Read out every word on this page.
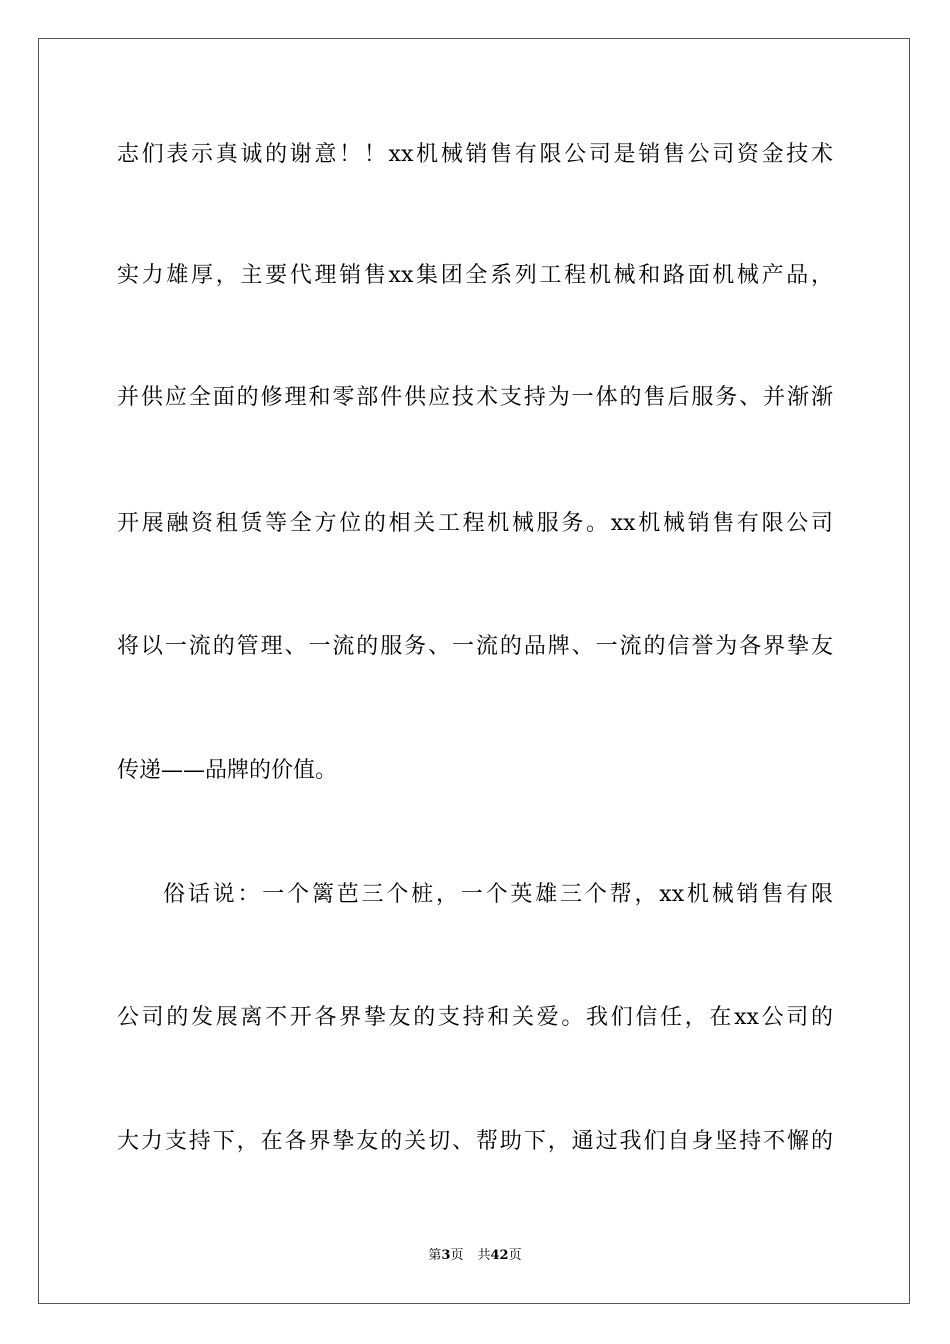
志们表示真诚的谢意！！xx机械销售有限公司是销售公司资金技术
实力雄厚，主要代理销售xx集团全系列工程机械和路面机械产品，
并供应全面的修理和零部件供应技术支持为一体的售后服务、并渐渐
开展融资租赁等全方位的相关工程机械服务。xx机械销售有限公司
将以一流的管理、一流的服务、一流的品牌、一流的信誉为各界挚友
传递——品牌的价值。
俗话说：一个篱芭三个桩，一个英雄三个帮，xx机械销售有限
公司的发展离不开各界挚友的支持和关爱。我们信任，在xx公司的
大力支持下，在各界挚友的关切、帮助下，通过我们自身坚持不懈的
第3页 共42页
